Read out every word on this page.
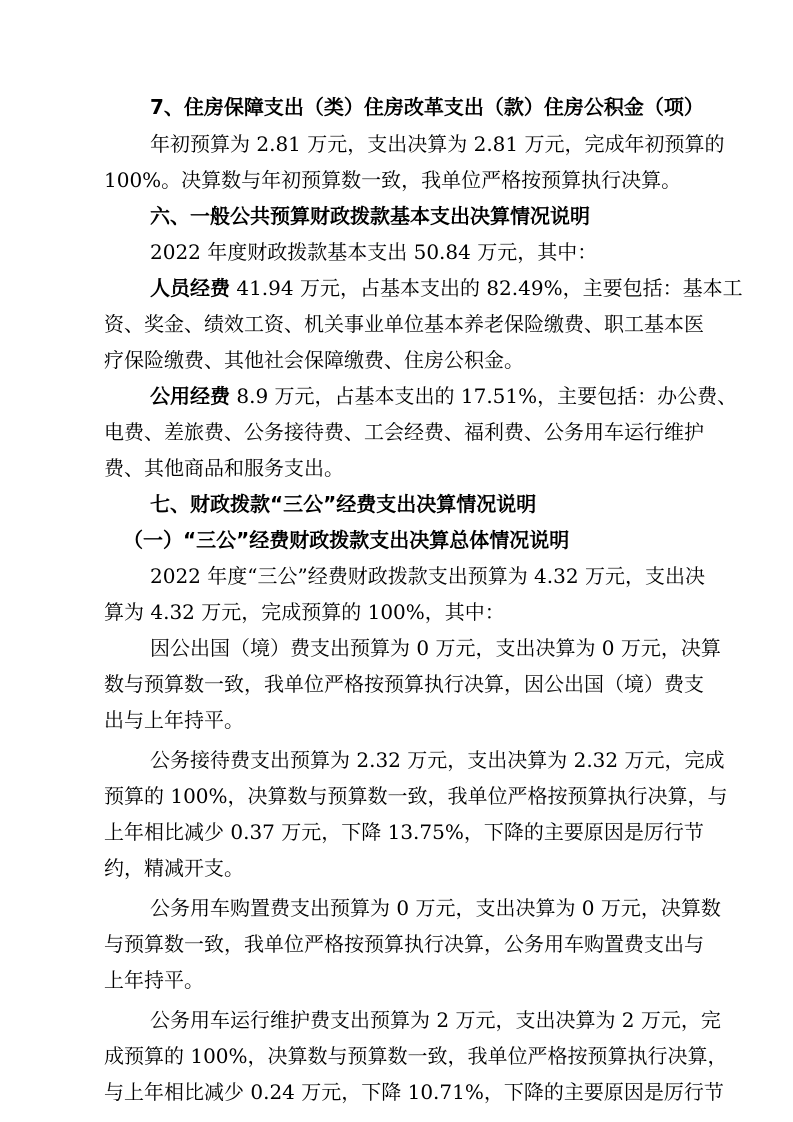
7、住房保障支出（类）住房改革支出（款）住房公积金（项）
年初预算为 2.81 万元，支出决算为 2.81 万元，完成年初预算的
100%。决算数与年初预算数一致，我单位严格按预算执行决算。
六、一般公共预算财政拨款基本支出决算情况说明
2022 年度财政拨款基本支出 50.84 万元，其中：
人员经费 41.94 万元，占基本支出的 82.49%，主要包括：基本工
资、奖金、绩效工资、机关事业单位基本养老保险缴费、职工基本医
疗保险缴费、其他社会保障缴费、住房公积金。
公用经费 8.9 万元，占基本支出的 17.51%，主要包括：办公费、
电费、差旅费、公务接待费、工会经费、福利费、公务用车运行维护
费、其他商品和服务支出。
七、财政拨款“三公”经费支出决算情况说明
（一）“三公”经费财政拨款支出决算总体情况说明
2022 年度“三公”经费财政拨款支出预算为 4.32 万元，支出决
算为 4.32 万元，完成预算的 100%，其中：
因公出国（境）费支出预算为 0 万元，支出决算为 0 万元，决算
数与预算数一致，我单位严格按预算执行决算，因公出国（境）费支
出与上年持平。
公务接待费支出预算为 2.32 万元，支出决算为 2.32 万元，完成
预算的 100%，决算数与预算数一致，我单位严格按预算执行决算，与
上年相比减少 0.37 万元，下降 13.75%，下降的主要原因是厉行节
约，精减开支。
公务用车购置费支出预算为 0 万元，支出决算为 0 万元，决算数
与预算数一致，我单位严格按预算执行决算，公务用车购置费支出与
上年持平。
公务用车运行维护费支出预算为 2 万元，支出决算为 2 万元，完
成预算的 100%，决算数与预算数一致，我单位严格按预算执行决算，
与上年相比减少 0.24 万元，下降 10.71%，下降的主要原因是厉行节
